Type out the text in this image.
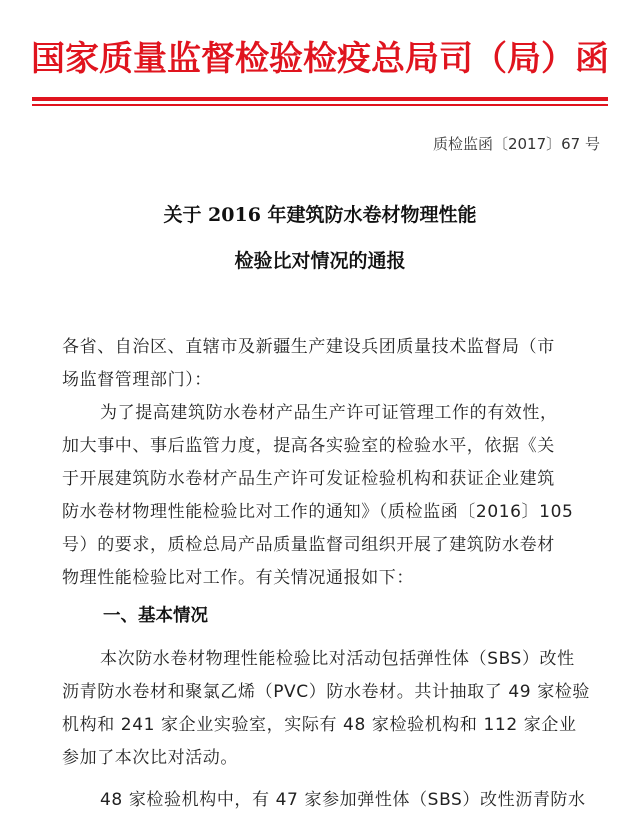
国家质量监督检验检疫总局司（局）函
质检监函〔2017〕67 号
关于 2016 年建筑防水卷材物理性能
检验比对情况的通报
各省、自治区、直辖市及新疆生产建设兵团质量技术监督局（市
场监督管理部门）：
为了提高建筑防水卷材产品生产许可证管理工作的有效性，
加大事中、事后监管力度，提高各实验室的检验水平，依据《关
于开展建筑防水卷材产品生产许可发证检验机构和获证企业建筑
防水卷材物理性能检验比对工作的通知》（质检监函〔2016〕105
号）的要求，质检总局产品质量监督司组织开展了建筑防水卷材
物理性能检验比对工作。有关情况通报如下：
一、基本情况
本次防水卷材物理性能检验比对活动包括弹性体（SBS）改性
沥青防水卷材和聚氯乙烯（PVC）防水卷材。共计抽取了 49 家检验
机构和 241 家企业实验室，实际有 48 家检验机构和 112 家企业
参加了本次比对活动。
48 家检验机构中，有 47 家参加弹性体（SBS）改性沥青防水
